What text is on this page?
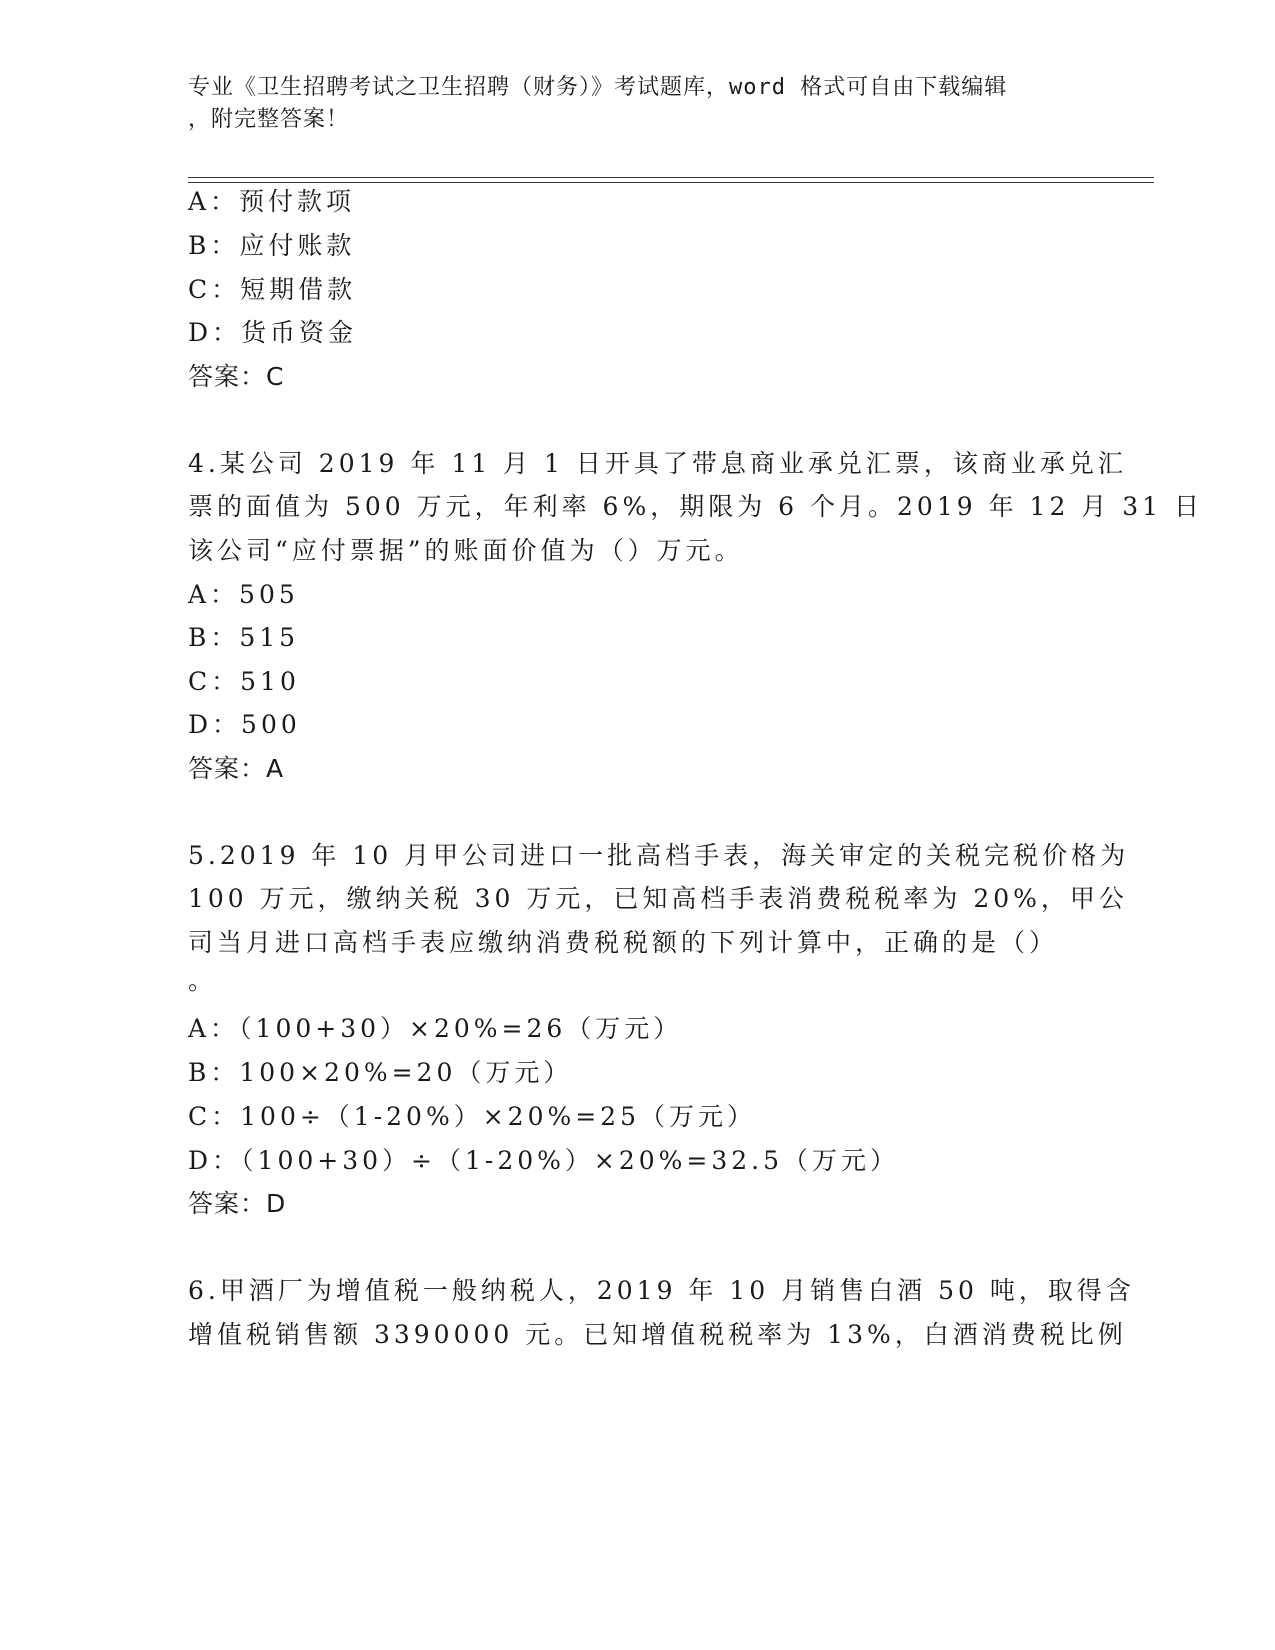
专业《卫生招聘考试之卫生招聘（财务）》考试题库，word 格式可自由下载编辑
，附完整答案！
A：预付款项
B：应付账款
C：短期借款
D：货币资金
答案：C
4.某公司 2019 年 11 月 1 日开具了带息商业承兑汇票，该商业承兑汇
票的面值为 500 万元，年利率 6%，期限为 6 个月。2019 年 12 月 31 日
该公司“应付票据”的账面价值为（）万元。
A：505
B：515
C：510
D：500
答案：A
5.2019 年 10 月甲公司进口一批高档手表，海关审定的关税完税价格为
100 万元，缴纳关税 30 万元，已知高档手表消费税税率为 20%，甲公
司当月进口高档手表应缴纳消费税税额的下列计算中，正确的是（）
。
A：（100+30）×20%=26（万元）
B：100×20%=20（万元）
C：100÷（1-20%）×20%=25（万元）
D：（100+30）÷（1-20%）×20%=32.5（万元）
答案：D
6.甲酒厂为增值税一般纳税人，2019 年 10 月销售白酒 50 吨，取得含
增值税销售额 3390000 元。已知增值税税率为 13%，白酒消费税比例
